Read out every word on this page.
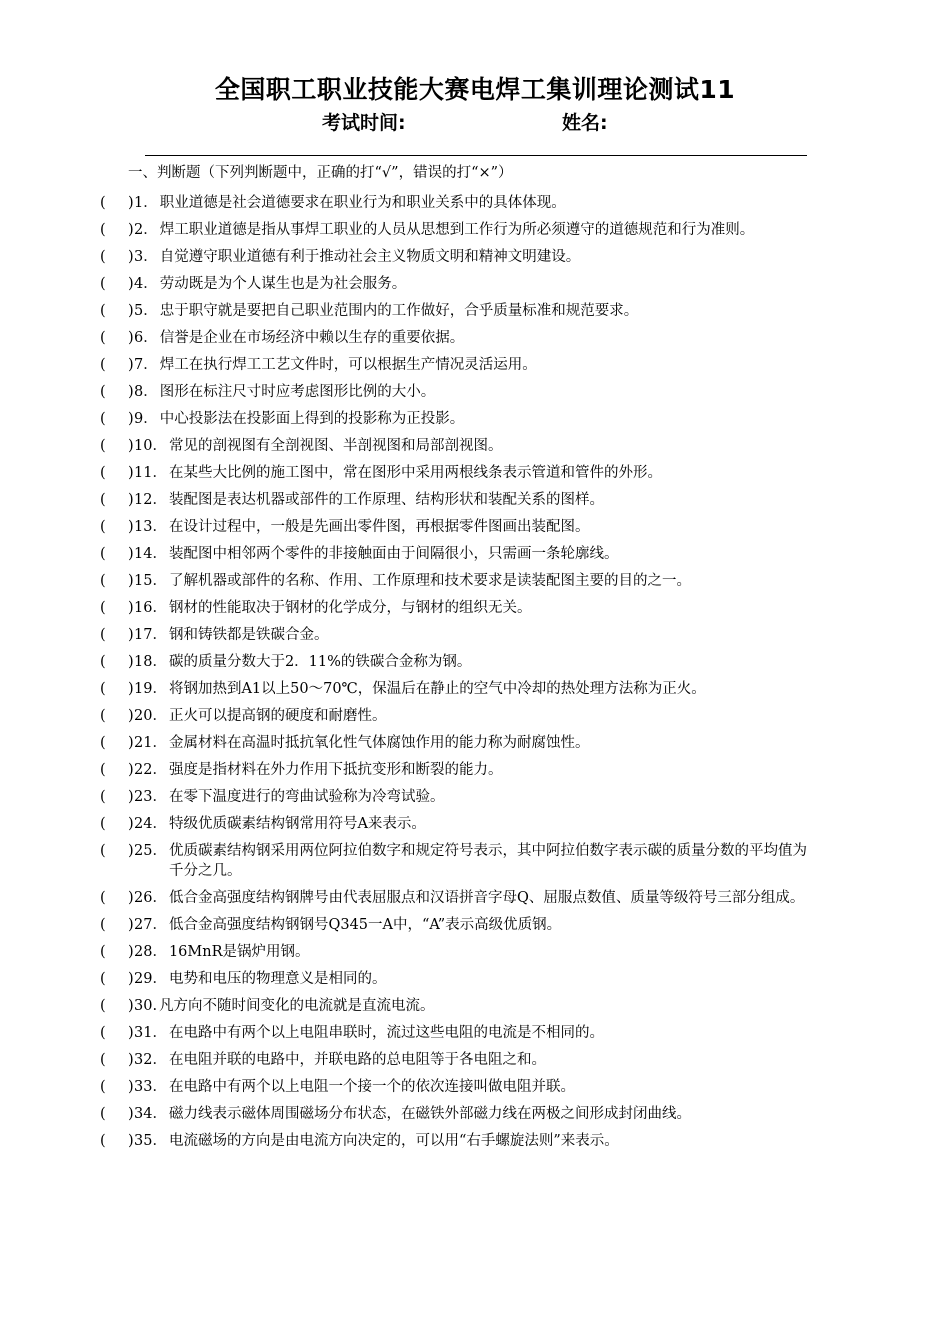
全国职工职业技能大赛电焊工集训理论测试11
考试时间:	姓名:
一、判断题（下列判断题中，正确的打“√”，错误的打“×”）
( ) 1． 职业道德是社会道德要求在职业行为和职业关系中的具体体现。
( ) 2． 焊工职业道德是指从事焊工职业的人员从思想到工作行为所必须遵守的道德规范和行为准则。
( ) 3． 自觉遵守职业道德有利于推动社会主义物质文明和精神文明建设。
( ) 4． 劳动既是为个人谋生也是为社会服务。
( ) 5． 忠于职守就是要把自己职业范围内的工作做好，合乎质量标准和规范要求。
( ) 6． 信誉是企业在市场经济中赖以生存的重要依据。
( ) 7． 焊工在执行焊工工艺文件时，可以根据生产情况灵活运用。
( ) 8． 图形在标注尺寸时应考虑图形比例的大小。
( ) 9． 中心投影法在投影面上得到的投影称为正投影。
( ) 10． 常见的剖视图有全剖视图、半剖视图和局部剖视图。
( ) 11． 在某些大比例的施工图中，常在图形中采用两根线条表示管道和管件的外形。
( ) 12． 装配图是表达机器或部件的工作原理、结构形状和装配关系的图样。
( ) 13． 在设计过程中，一般是先画出零件图，再根据零件图画出装配图。
( ) 14． 装配图中相邻两个零件的非接触面由于间隔很小，只需画一条轮廓线。
( ) 15． 了解机器或部件的名称、作用、工作原理和技术要求是读装配图主要的目的之一。
( ) 16． 钢材的性能取决于钢材的化学成分，与钢材的组织无关。
( ) 17． 钢和铸铁都是铁碳合金。
( ) 18． 碳的质量分数大于2．11%的铁碳合金称为钢。
( ) 19． 将钢加热到A1以上50～70℃，保温后在静止的空气中冷却的热处理方法称为正火。
( ) 20． 正火可以提高钢的硬度和耐磨性。
( ) 21． 金属材料在高温时抵抗氧化性气体腐蚀作用的能力称为耐腐蚀性。
( ) 22． 强度是指材料在外力作用下抵抗变形和断裂的能力。
( ) 23． 在零下温度进行的弯曲试验称为冷弯试验。
( ) 24． 特级优质碳素结构钢常用符号A来表示。
( ) 25． 优质碳素结构钢采用两位阿拉伯数字和规定符号表示，其中阿拉伯数字表示碳的质量分数的平均值为千分之几。
( ) 26． 低合金高强度结构钢牌号由代表屈服点和汉语拼音字母Q、屈服点数值、质量等级符号三部分组成。
( ) 27． 低合金高强度结构钢钢号Q345一A中，“A”表示高级优质钢。
( ) 28． 16MnR是锅炉用钢。
( ) 29． 电势和电压的物理意义是相同的。
( ) 30. 凡方向不随时间变化的电流就是直流电流。
( ) 31． 在电路中有两个以上电阻串联时，流过这些电阻的电流是不相同的。
( ) 32． 在电阻并联的电路中，并联电路的总电阻等于各电阻之和。
( ) 33． 在电路中有两个以上电阻一个接一个的依次连接叫做电阻并联。
( ) 34． 磁力线表示磁体周围磁场分布状态，在磁铁外部磁力线在两极之间形成封闭曲线。
( ) 35． 电流磁场的方向是由电流方向决定的，可以用“右手螺旋法则”来表示。
